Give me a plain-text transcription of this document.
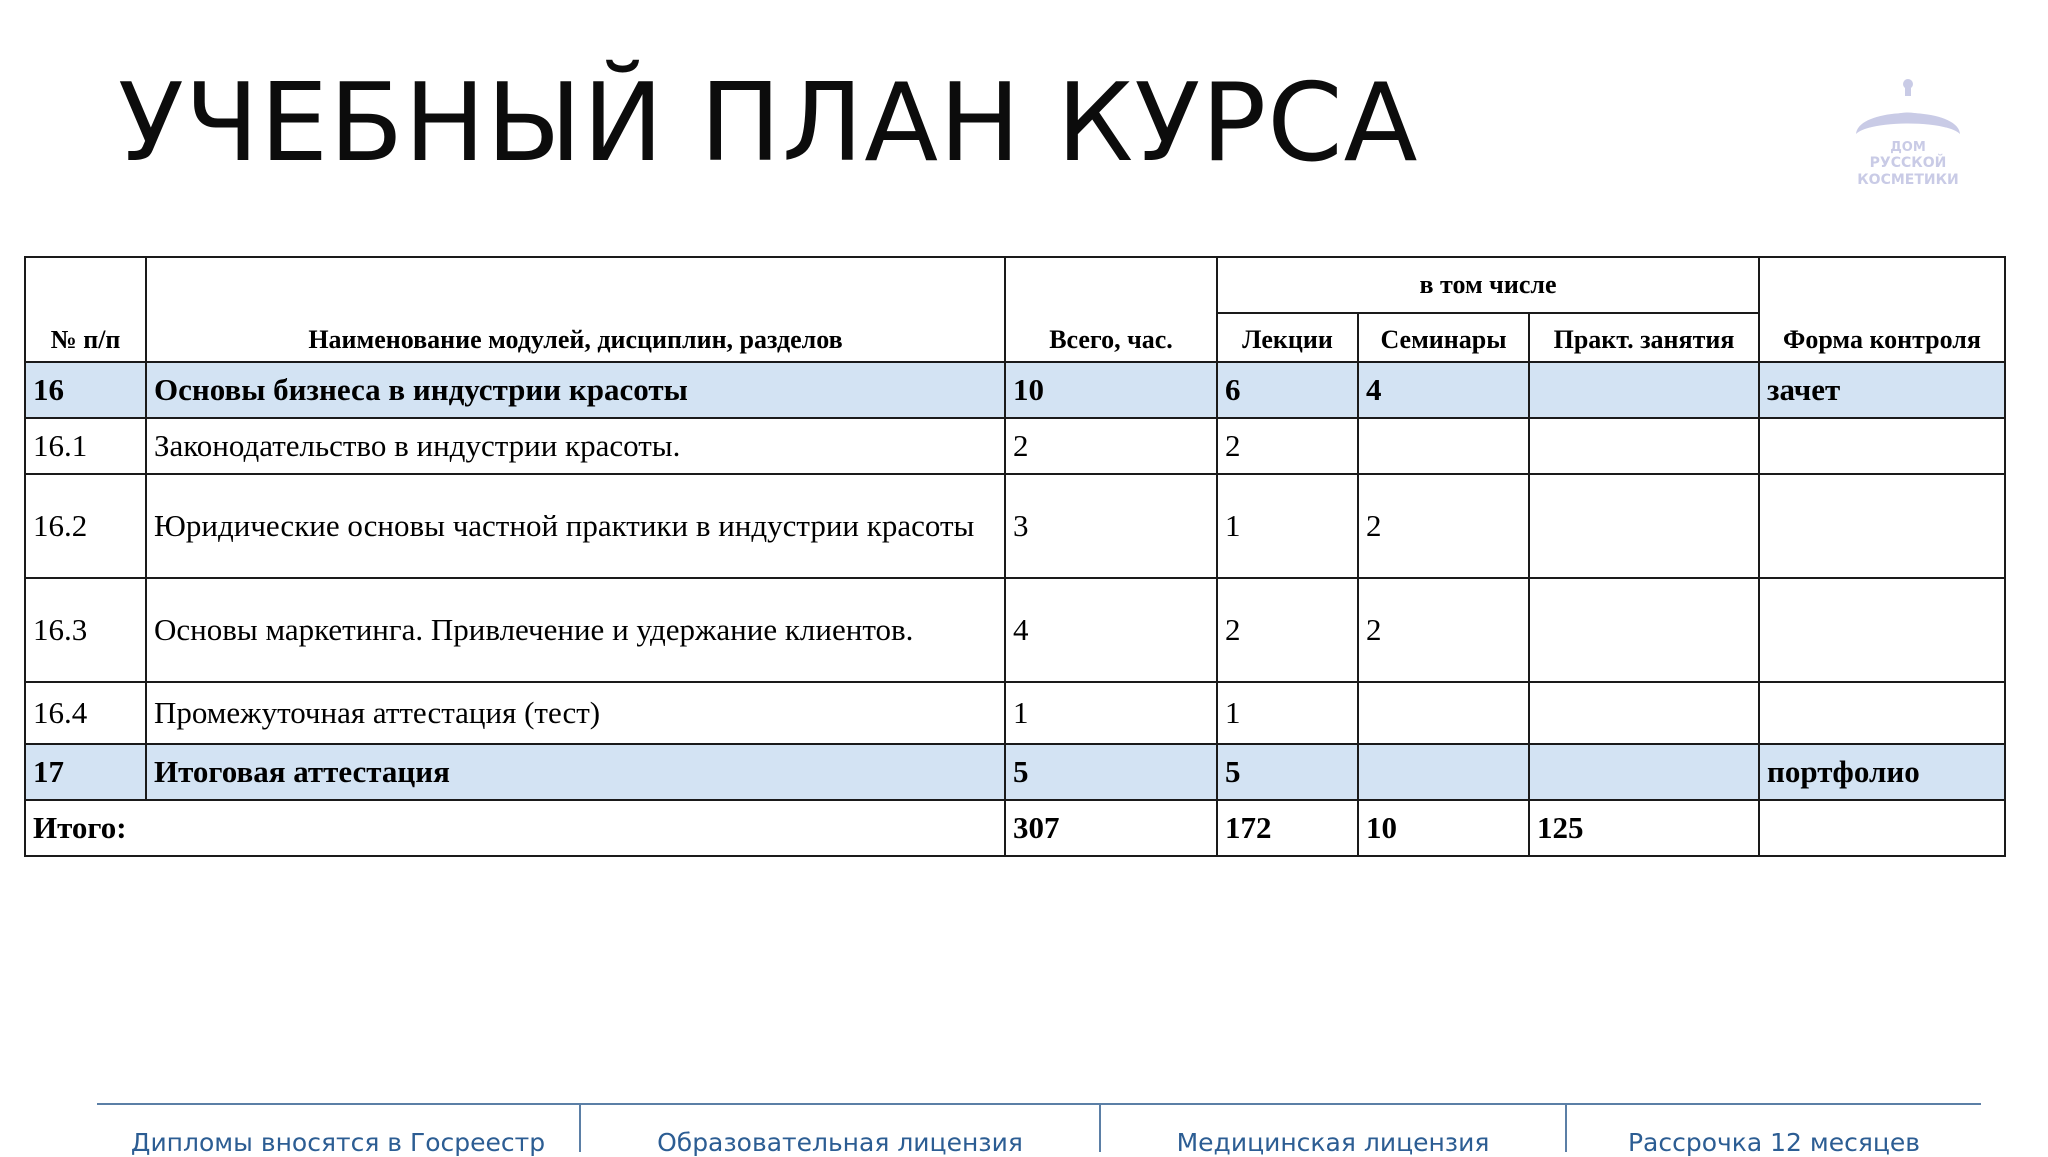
УЧЕБНЫЙ ПЛАН КУРСА	ДОМ
РУССКОЙ
КОСМЕТИКИ
№ п/п	Наименование модулей, дисциплин, разделов	Всего, час.	в том числе			Форма контроля
			Лекции	Семинары	Практ. занятия	
16	Основы бизнеса в индустрии красоты	10	6	4		зачет
16.1	Законодательство в индустрии красоты.	2	2			
16.2	Юридические основы частной практики в индустрии красоты	3	1	2		
16.3	Основы маркетинга. Привлечение и удержание клиентов.	4	2	2		
16.4	Промежуточная аттестация (тест)	1	1			
17	Итоговая аттестация	5	5			портфолио
Итого:		307	172	10	125	
Дипломы вносятся в Госреестр	Образовательная лицензия	Медицинская лицензия	Рассрочка 12 месяцев
